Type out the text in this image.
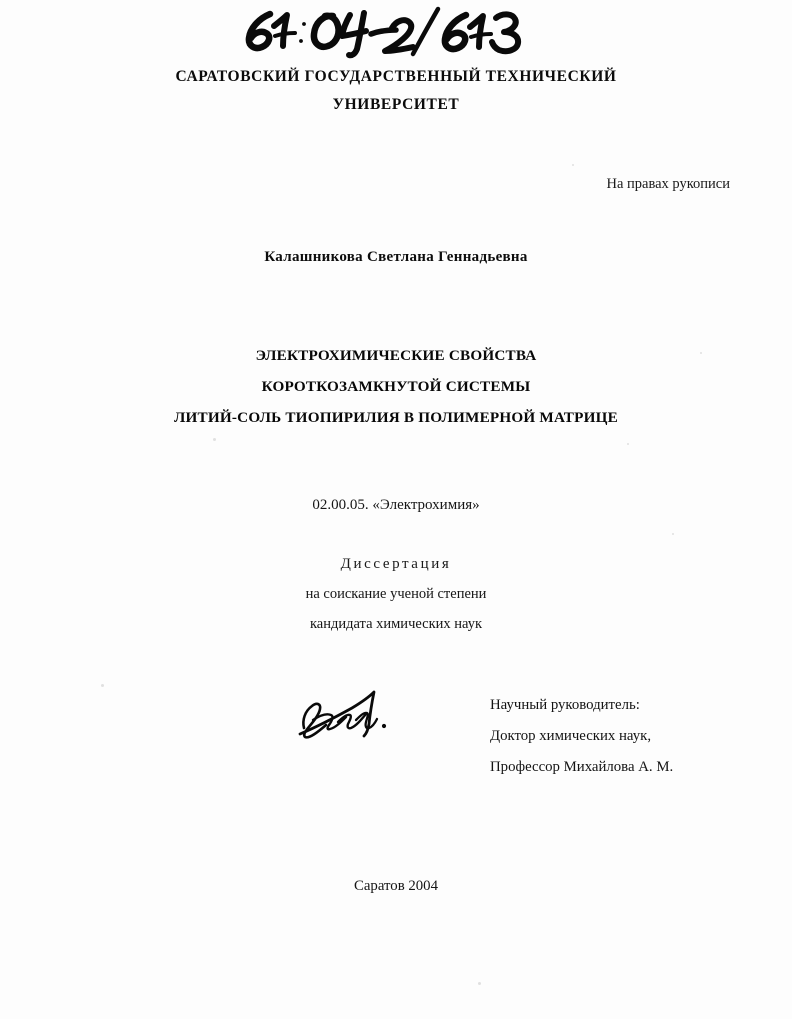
САРАТОВСКИЙ ГОСУДАРСТВЕННЫЙ ТЕХНИЧЕСКИЙ
УНИВЕРСИТЕТ
На правах рукописи
Калашникова Светлана Геннадьевна
ЭЛЕКТРОХИМИЧЕСКИЕ СВОЙСТВА
КОРОТКОЗАМКНУТОЙ СИСТЕМЫ
ЛИТИЙ-СОЛЬ ТИОПИРИЛИЯ В ПОЛИМЕРНОЙ МАТРИЦЕ
02.00.05. «Электрохимия»
Диссертация
на соискание ученой степени
кандидата химических наук
Научный руководитель:
Доктор химических наук,
Профессор Михайлова А. М.
Саратов 2004
